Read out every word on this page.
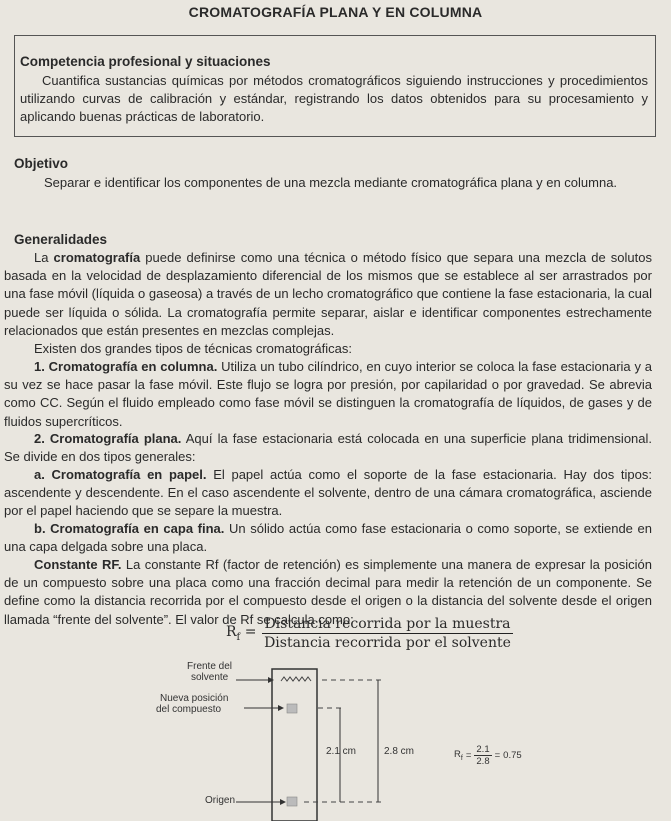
CROMATOGRAFÍA PLANA Y EN COLUMNA
Competencia profesional y situaciones
Cuantifica sustancias químicas por métodos cromatográficos siguiendo instrucciones y procedimientos utilizando curvas de calibración y estándar, registrando los datos obtenidos para su procesamiento y aplicando buenas prácticas de laboratorio.
Objetivo
Separar e identificar los componentes de una mezcla mediante cromatográfica plana y en columna.
Generalidades
La cromatografía puede definirse como una técnica o método físico que separa una mezcla de solutos basada en la velocidad de desplazamiento diferencial de los mismos que se establece al ser arrastrados por una fase móvil (líquida o gaseosa) a través de un lecho cromatográfico que contiene la fase estacionaria, la cual puede ser líquida o sólida. La cromatografía permite separar, aislar e identificar componentes estrechamente relacionados que están presentes en mezclas complejas.
Existen dos grandes tipos de técnicas cromatográficas:
1. Cromatografía en columna. Utiliza un tubo cilíndrico, en cuyo interior se coloca la fase estacionaria y a su vez se hace pasar la fase móvil. Este flujo se logra por presión, por capilaridad o por gravedad. Se abrevia como CC. Según el fluido empleado como fase móvil se distinguen la cromatografía de líquidos, de gases y de fluidos supercríticos.
2. Cromatografía plana. Aquí la fase estacionaria está colocada en una superficie plana tridimensional. Se divide en dos tipos generales:
a. Cromatografía en papel. El papel actúa como el soporte de la fase estacionaria. Hay dos tipos: ascendente y descendente. En el caso ascendente el solvente, dentro de una cámara cromatográfica, asciende por el papel haciendo que se separe la muestra.
b. Cromatografía en capa fina. Un sólido actúa como fase estacionaria o como soporte, se extiende en una capa delgada sobre una placa.
Constante RF. La constante Rf (factor de retención) es simplemente una manera de expresar la posición de un compuesto sobre una placa como una fracción decimal para medir la retención de un componente. Se define como la distancia recorrida por el compuesto desde el origen o la distancia del solvente desde el origen llamada “frente del solvente”. El valor de Rf se calcula como:
$R_f = \frac{\text{Distancia recorrida por la muestra}}{\text{Distancia recorrida por el solvente}}$
Frente del
solvente
Nueva posición
del compuesto
Origen
2.1 cm	2.8 cm	$R_f = \frac{2.1}{2.8} = 0.75$
